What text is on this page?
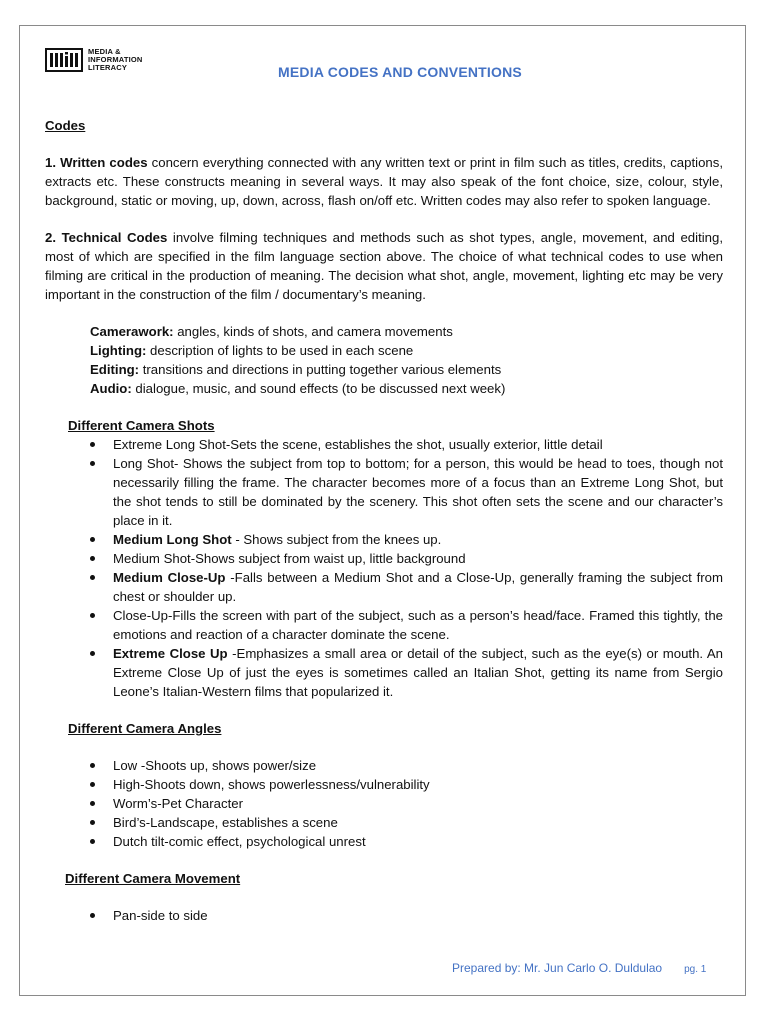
MEDIA &
INFORMATION
LITERACY	MEDIA CODES AND CONVENTIONS

Codes

1. Written codes concern everything connected with any written text or print in film such as titles, credits, captions, extracts etc. These constructs meaning in several ways. It may also speak of the font choice, size, colour, style, background, static or moving, up, down, across, flash on/off etc. Written codes may also refer to spoken language.

2. Technical Codes involve filming techniques and methods such as shot types, angle, movement, and editing, most of which are specified in the film language section above. The choice of what technical codes to use when filming are critical in the production of meaning. The decision what shot, angle, movement, lighting etc may be very important in the construction of the film / documentary’s meaning.

Camerawork: angles, kinds of shots, and camera movements

Lighting: description of lights to be used in each scene

Editing: transitions and directions in putting together various elements

Audio: dialogue, music, and sound effects (to be discussed next week)

Different Camera Shots

Extreme Long Shot-Sets the scene, establishes the shot, usually exterior, little detail
Long Shot- Shows the subject from top to bottom; for a person, this would be head to toes, though not necessarily filling the frame. The character becomes more of a focus than an Extreme Long Shot, but the shot tends to still be dominated by the scenery. This shot often sets the scene and our character’s place in it.
Medium Long Shot - Shows subject from the knees up.
Medium Shot-Shows subject from waist up, little background
Medium Close-Up -Falls between a Medium Shot and a Close-Up, generally framing the subject from chest or shoulder up.
Close-Up-Fills the screen with part of the subject, such as a person’s head/face. Framed this tightly, the emotions and reaction of a character dominate the scene.
Extreme Close Up -Emphasizes a small area or detail of the subject, such as the eye(s) or mouth. An Extreme Close Up of just the eyes is sometimes called an Italian Shot, getting its name from Sergio Leone’s Italian-Western films that popularized it.

Different Camera Angles

Low -Shoots up, shows power/size
High-Shoots down, shows powerlessness/vulnerability
Worm’s-Pet Character
Bird’s-Landscape, establishes a scene
Dutch tilt-comic effect, psychological unrest

Different Camera Movement

Pan-side to side
Prepared by: Mr. Jun Carlo O. Duldulao pg. 1
